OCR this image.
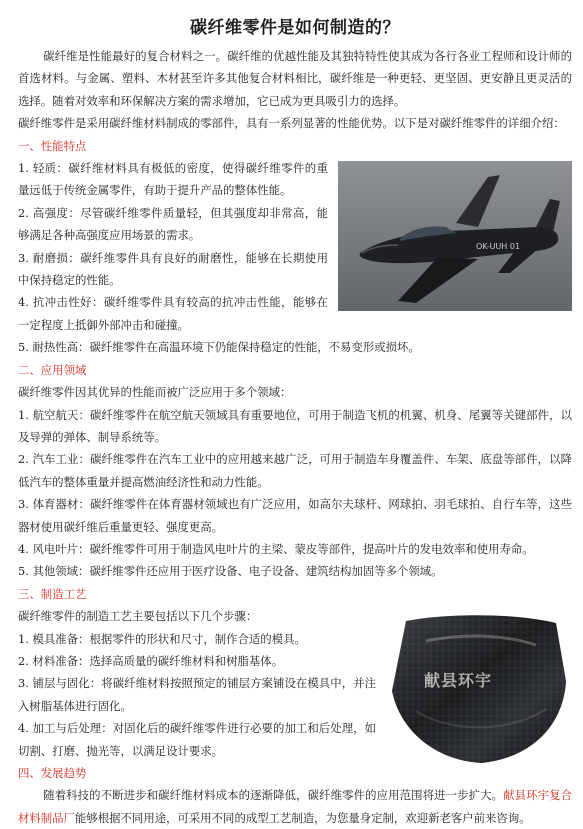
碳纤维零件是如何制造的？

碳纤维是性能最好的复合材料之一。碳纤维的优越性能及其独特特性使其成为各行各业工程师和设计师的首选材料。与金属、塑料、木材甚至许多其他复合材料相比，碳纤维是一种更轻、更坚固、更安静且更灵活的选择。随着对效率和环保解决方案的需求增加，它已成为更具吸引力的选择。

碳纤维零件是采用碳纤维材料制成的零部件，具有一系列显著的性能优势。以下是对碳纤维零件的详细介绍：

一、性能特点

1. 轻质：碳纤维材料具有极低的密度，使得碳纤维零件的重量远低于传统金属零件，有助于提升产品的整体性能。

2. 高强度：尽管碳纤维零件质量轻，但其强度却非常高，能够满足各种高强度应用场景的需求。

3. 耐磨损：碳纤维零件具有良好的耐磨性，能够在长期使用中保持稳定的性能。

4. 抗冲击性好：碳纤维零件具有较高的抗冲击性能，能够在一定程度上抵御外部冲击和碰撞。

OK-UUH 01

5. 耐热性高：碳纤维零件在高温环境下仍能保持稳定的性能，不易变形或损坏。

二、应用领域

碳纤维零件因其优异的性能而被广泛应用于多个领域：

1. 航空航天：碳纤维零件在航空航天领域具有重要地位，可用于制造飞机的机翼、机身、尾翼等关键部件，以及导弹的弹体、制导系统等。

2. 汽车工业：碳纤维零件在汽车工业中的应用越来越广泛，可用于制造车身覆盖件、车架、底盘等部件，以降低汽车的整体重量并提高燃油经济性和动力性能。

3. 体育器材：碳纤维零件在体育器材领域也有广泛应用，如高尔夫球杆、网球拍、羽毛球拍、自行车等，这些器材使用碳纤维后重量更轻、强度更高。

4. 风电叶片：碳纤维零件可用于制造风电叶片的主梁、蒙皮等部件，提高叶片的发电效率和使用寿命。

5. 其他领域：碳纤维零件还应用于医疗设备、电子设备、建筑结构加固等多个领域。

三、制造工艺

碳纤维零件的制造工艺主要包括以下几个步骤：

1. 模具准备：根据零件的形状和尺寸，制作合适的模具。

2. 材料准备：选择高质量的碳纤维材料和树脂基体。

3. 铺层与固化：将碳纤维材料按照预定的铺层方案铺设在模具中，并注入树脂基体进行固化。

4. 加工与后处理：对固化后的碳纤维零件进行必要的加工和后处理，如切割、打磨、抛光等，以满足设计要求。

四、发展趋势
献县环宇

随着科技的不断进步和碳纤维材料成本的逐渐降低，碳纤维零件的应用范围将进一步扩大。献县环宇复合材料制品厂能够根据不同用途，可采用不同的成型工艺制造，为您量身定制，欢迎新老客户前来咨询。
